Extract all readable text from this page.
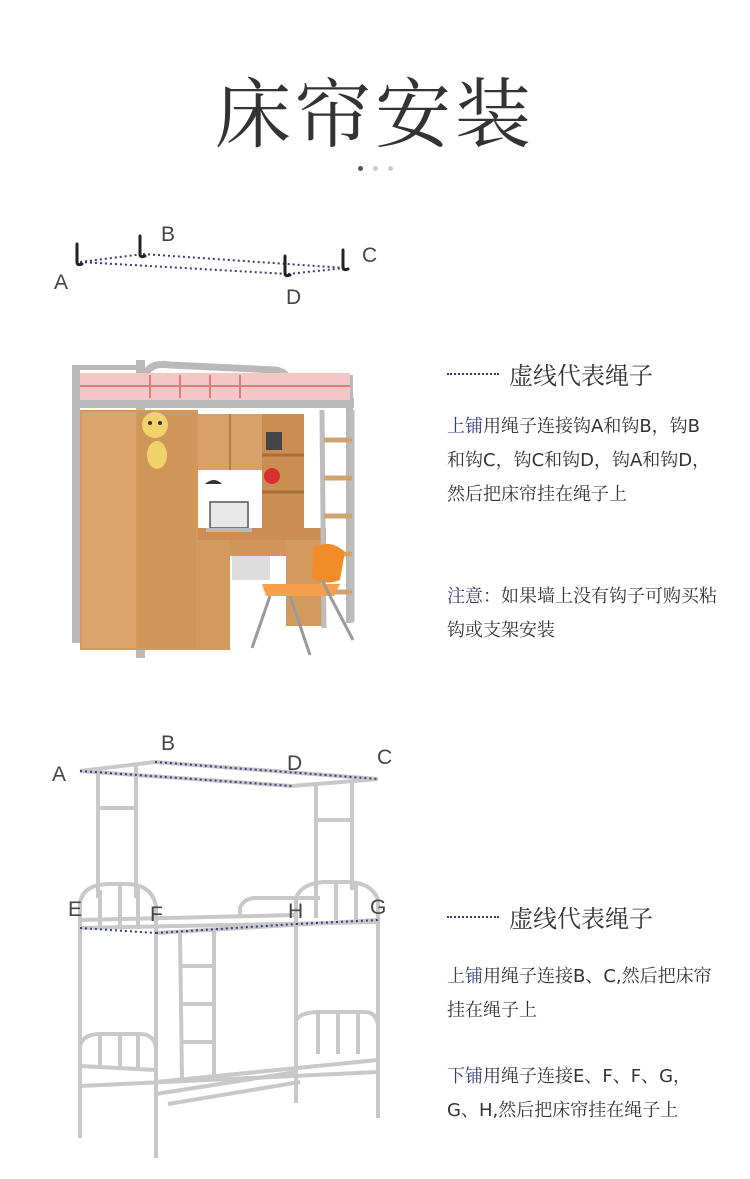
床帘安装
A
B
C
D
虚线代表绳子
上铺用绳子连接钩A和钩B，钩B和钩C，钩C和钩D，钩A和钩D，然后把床帘挂在绳子上
注意：如果墙上没有钩子可购买粘钩或支架安装
A
B
C
D
E	F	G
H	虚线代表绳子
上铺用绳子连接B、C,然后把床帘挂在绳子上
下铺用绳子连接E、F、F、G，G、H,然后把床帘挂在绳子上
